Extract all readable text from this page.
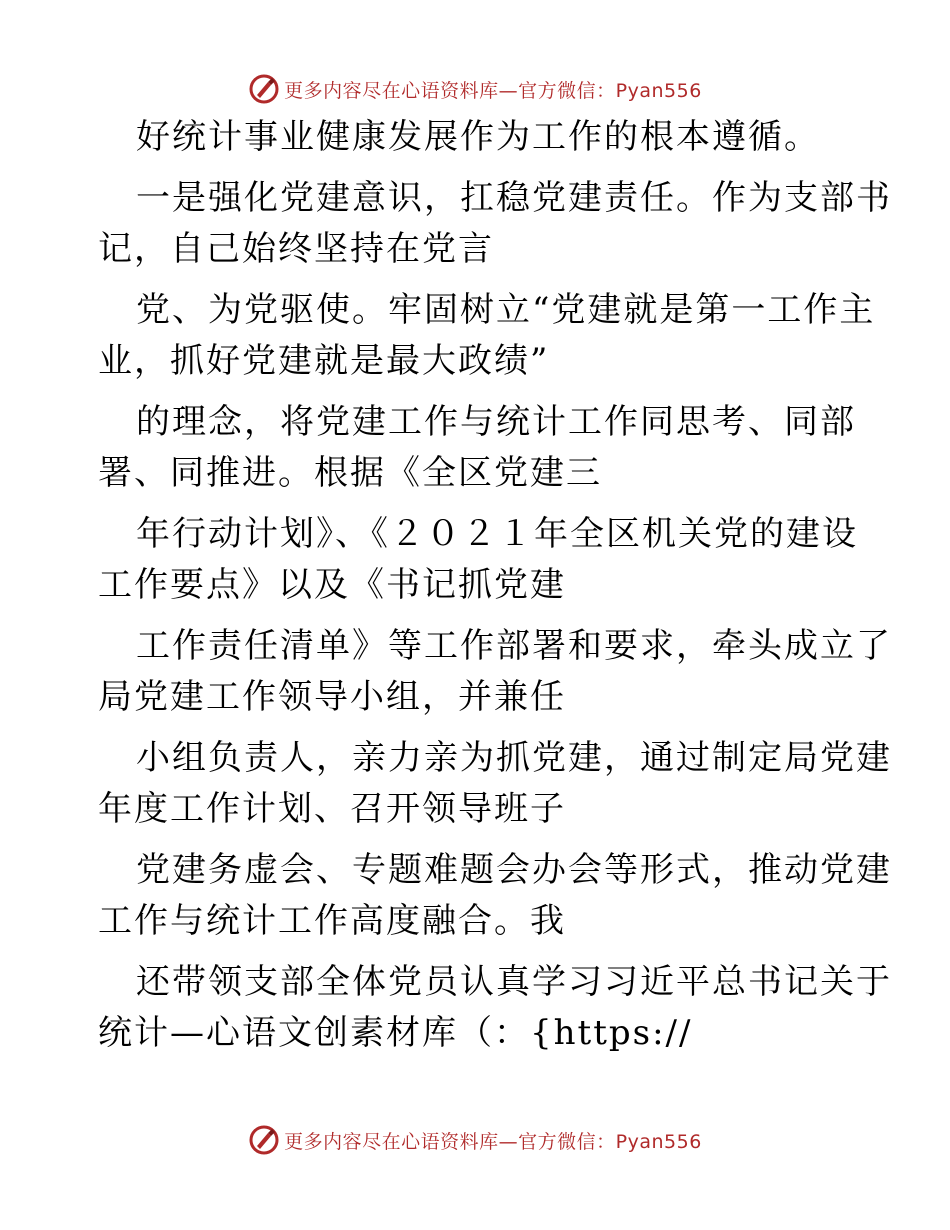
更多内容尽在心语资料库—官方微信：Pyan556
好统计事业健康发展作为工作的根本遵循。
一是强化党建意识，扛稳党建责任。作为支部书
记，自己始终坚持在党言
党、为党驱使。牢固树立“党建就是第一工作主
业，抓好党建就是最大政绩”
的理念，将党建工作与统计工作同思考、同部
署、同推进。根据《全区党建三
年行动计划》、《２０２１年全区机关党的建设
工作要点》以及《书记抓党建
工作责任清单》等工作部署和要求，牵头成立了
局党建工作领导小组，并兼任
小组负责人，亲力亲为抓党建，通过制定局党建
年度工作计划、召开领导班子
党建务虚会、专题难题会办会等形式，推动党建
工作与统计工作高度融合。我
还带领支部全体党员认真学习习近平总书记关于
统计—心语文创素材库（：{https://
更多内容尽在心语资料库—官方微信：Pyan556
